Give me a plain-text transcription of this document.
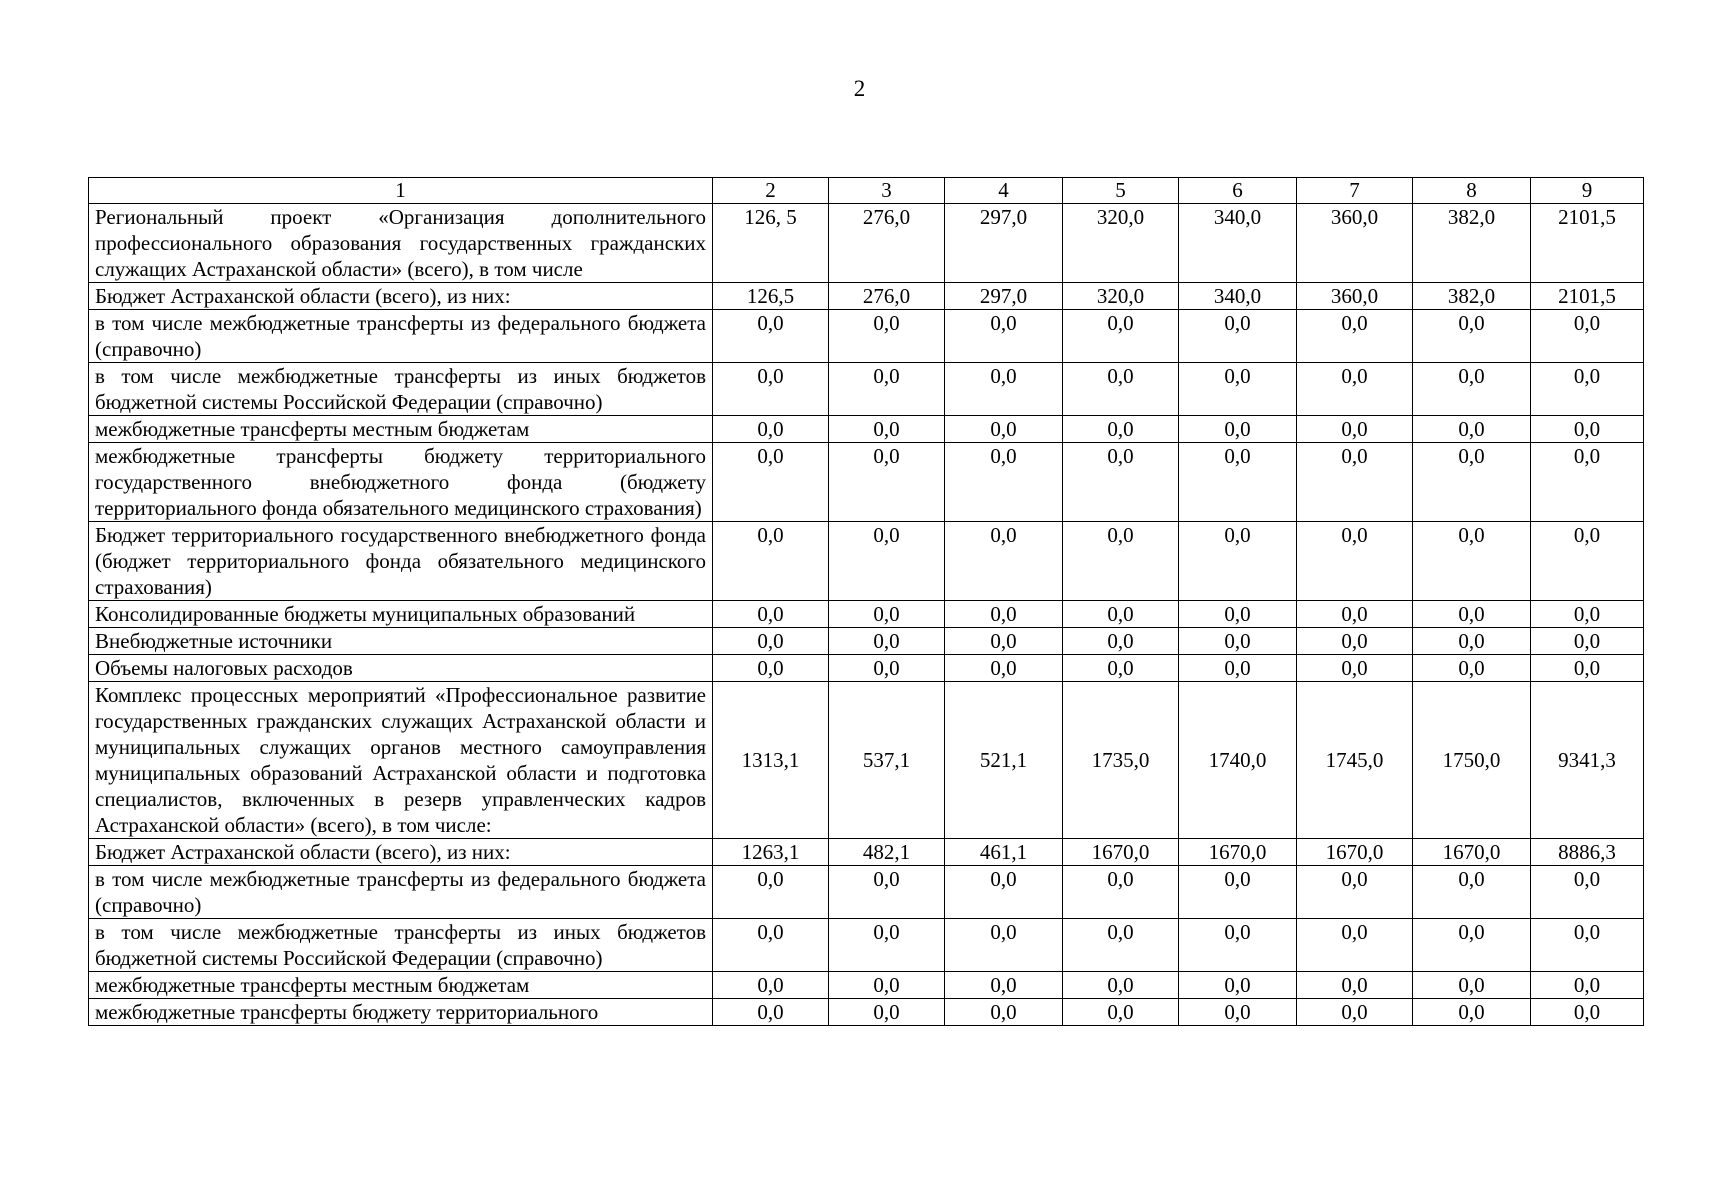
2
1	2	3	4	5	6	7	8	9
Региональный проект «Организация дополнительного профессионального образования государственных гражданских служащих Астраханской области» (всего), в том числе	126, 5	276,0	297,0	320,0	340,0	360,0	382,0	2101,5
Бюджет Астраханской области (всего), из них:	126,5	276,0	297,0	320,0	340,0	360,0	382,0	2101,5
в том числе межбюджетные трансферты из федерального бюджета (справочно)	0,0	0,0	0,0	0,0	0,0	0,0	0,0	0,0
в том числе межбюджетные трансферты из иных бюджетов бюджетной системы Российской Федерации (справочно)	0,0	0,0	0,0	0,0	0,0	0,0	0,0	0,0
межбюджетные трансферты местным бюджетам	0,0	0,0	0,0	0,0	0,0	0,0	0,0	0,0
межбюджетные трансферты бюджету территориального государственного внебюджетного фонда (бюджету территориального фонда обязательного медицинского страхования)	0,0	0,0	0,0	0,0	0,0	0,0	0,0	0,0
Бюджет территориального государственного внебюджетного фонда (бюджет территориального фонда обязательного медицинского страхования)	0,0	0,0	0,0	0,0	0,0	0,0	0,0	0,0
Консолидированные бюджеты муниципальных образований	0,0	0,0	0,0	0,0	0,0	0,0	0,0	0,0
Внебюджетные источники	0,0	0,0	0,0	0,0	0,0	0,0	0,0	0,0
Объемы налоговых расходов	0,0	0,0	0,0	0,0	0,0	0,0	0,0	0,0
Комплекс процессных мероприятий «Профессиональное развитие государственных гражданских служащих Астраханской области и муниципальных служащих органов местного самоуправления муниципальных образований Астраханской области и подготовка специалистов, включенных в резерв управленческих кадров Астраханской области» (всего), в том числе:	1313,1	537,1	521,1	1735,0	1740,0	1745,0	1750,0	9341,3
Бюджет Астраханской области (всего), из них:	1263,1	482,1	461,1	1670,0	1670,0	1670,0	1670,0	8886,3
в том числе межбюджетные трансферты из федерального бюджета (справочно)	0,0	0,0	0,0	0,0	0,0	0,0	0,0	0,0
в том числе межбюджетные трансферты из иных бюджетов бюджетной системы Российской Федерации (справочно)	0,0	0,0	0,0	0,0	0,0	0,0	0,0	0,0
межбюджетные трансферты местным бюджетам	0,0	0,0	0,0	0,0	0,0	0,0	0,0	0,0
межбюджетные трансферты бюджету территориального	0,0	0,0	0,0	0,0	0,0	0,0	0,0	0,0
